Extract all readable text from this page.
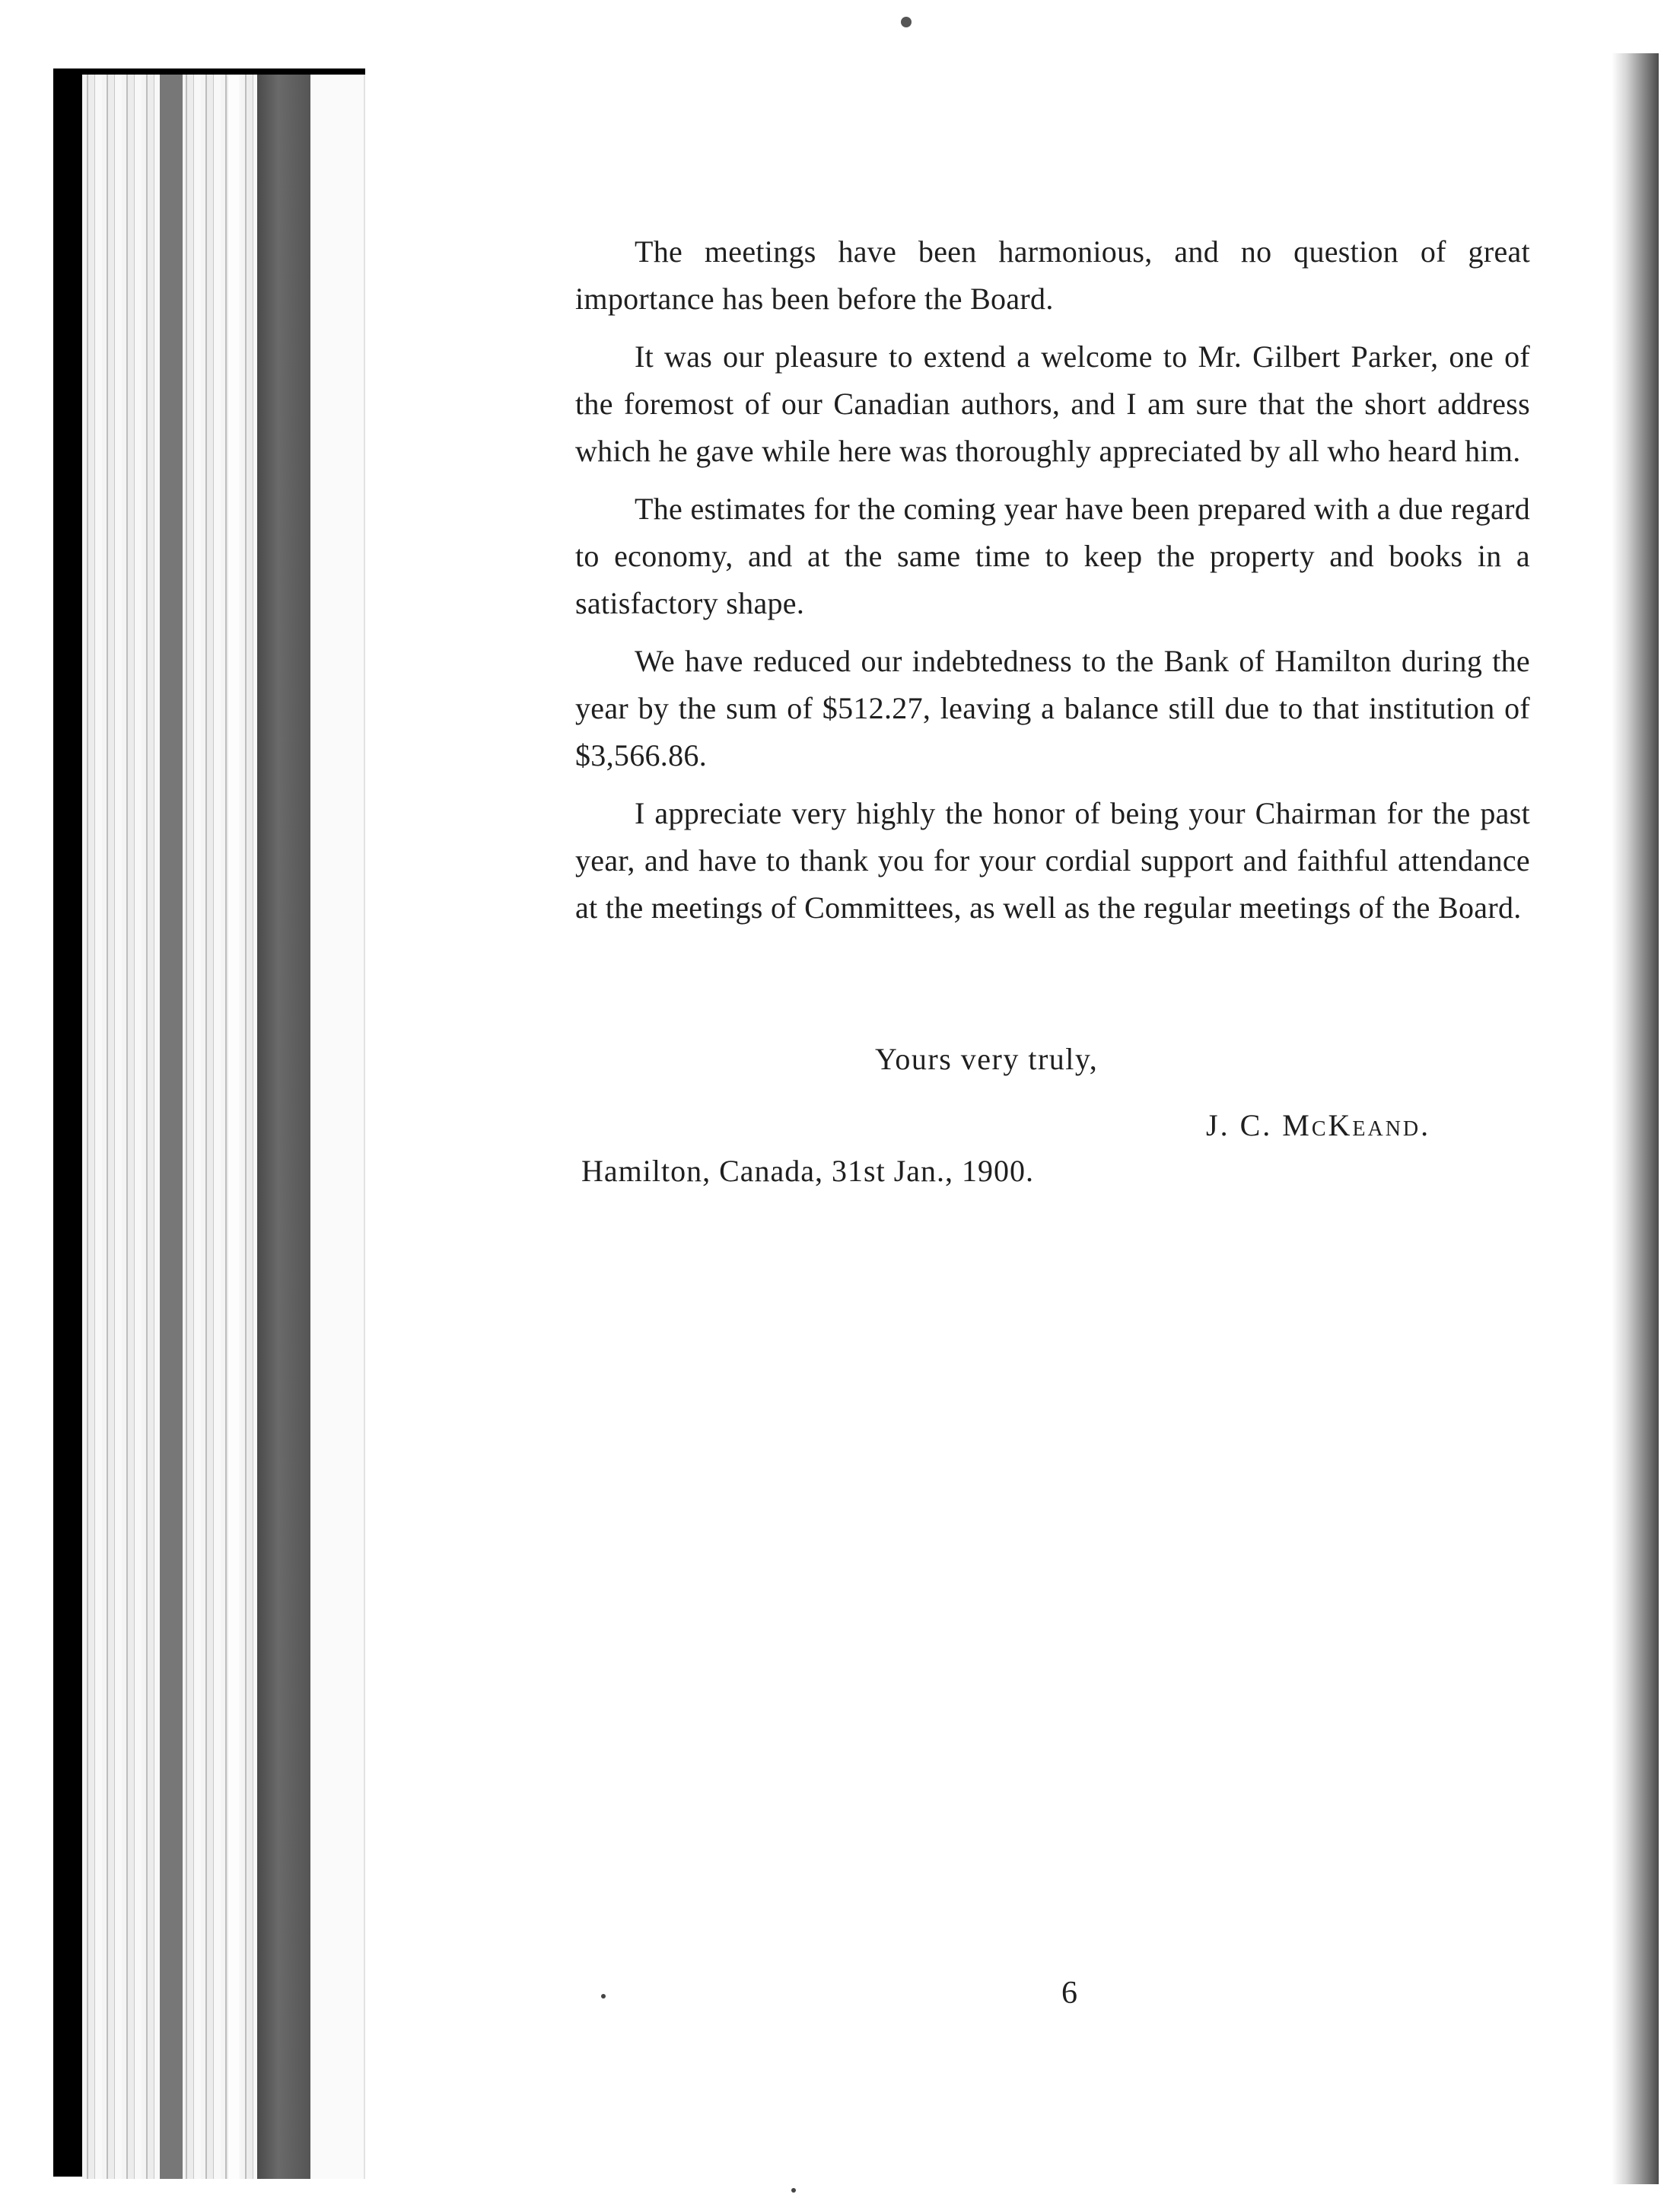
The meetings have been harmonious, and no question of great importance has been before the Board.

It was our pleasure to extend a welcome to Mr. Gilbert Parker, one of the foremost of our Canadian authors, and I am sure that the short address which he gave while here was thoroughly appreciated by all who heard him.

The estimates for the coming year have been prepared with a due regard to economy, and at the same time to keep the property and books in a satisfactory shape.

We have reduced our indebtedness to the Bank of Hamilton during the year by the sum of $512.27, leaving a balance still due to that institution of $3,566.86.

I appreciate very highly the honor of being your Chairman for the past year, and have to thank you for your cordial support and faithful attendance at the meetings of Committees, as well as the regular meetings of the Board.

Yours very truly,
J. C. McKeand.
Hamilton, Canada, 31st Jan., 1900.
6
